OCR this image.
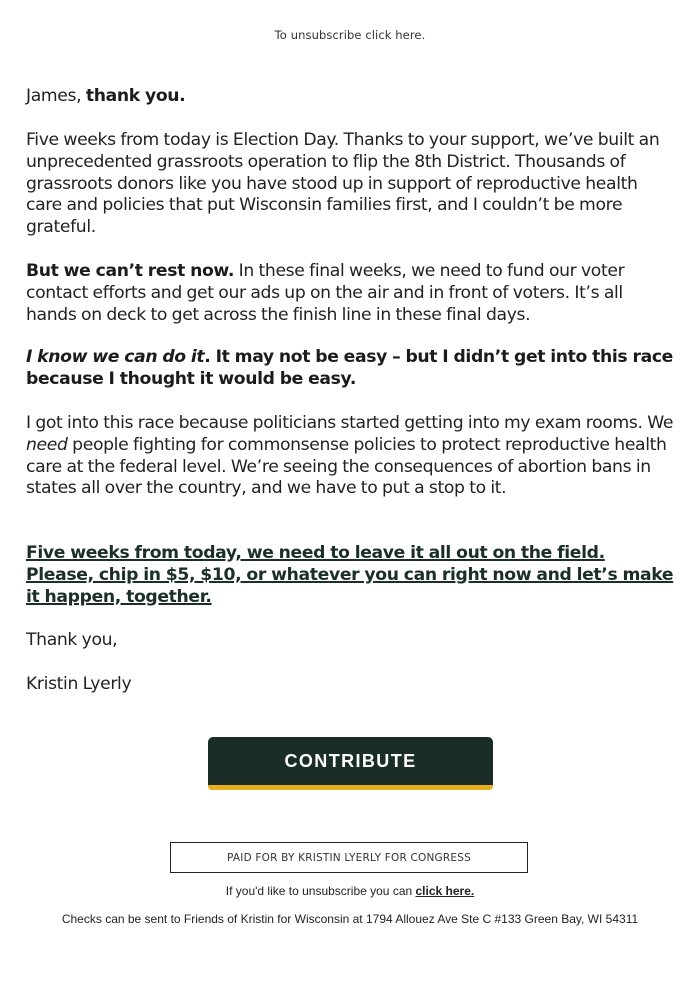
To unsubscribe click here.
James, thank you.
Five weeks from today is Election Day. Thanks to your support, we’ve built an unprecedented grassroots operation to flip the 8th District. Thousands of grassroots donors like you have stood up in support of reproductive health care and policies that put Wisconsin families first, and I couldn’t be more grateful.
But we can’t rest now. In these final weeks, we need to fund our voter contact efforts and get our ads up on the air and in front of voters. It’s all hands on deck to get across the finish line in these final days.
I know we can do it. It may not be easy – but I didn’t get into this race because I thought it would be easy.
I got into this race because politicians started getting into my exam rooms. We need people fighting for commonsense policies to protect reproductive health care at the federal level. We’re seeing the consequences of abortion bans in states all over the country, and we have to put a stop to it.
Five weeks from today, we need to leave it all out on the field. Please, chip in $5, $10, or whatever you can right now and let’s make it happen, together.
Thank you,
Kristin Lyerly
CONTRIBUTE
PAID FOR BY KRISTIN LYERLY FOR CONGRESS
If you'd like to unsubscribe you can click here.
Checks can be sent to Friends of Kristin for Wisconsin at 1794 Allouez Ave Ste C #133 Green Bay, WI 54311
